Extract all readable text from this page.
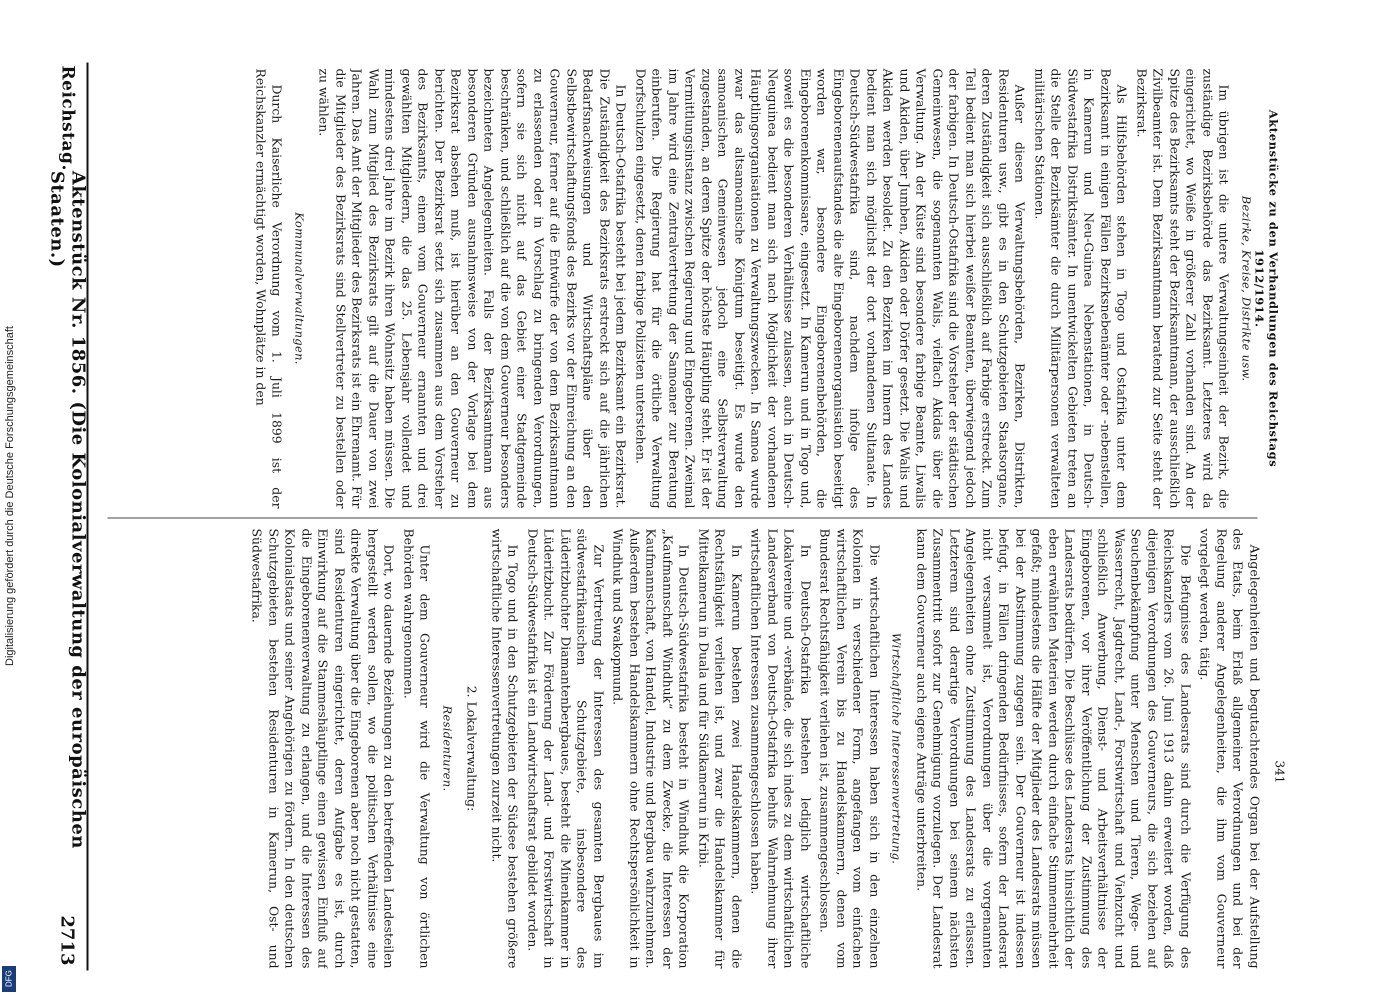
Reichstag.
Aktenstück Nr. 1856. (Die Kolonialverwaltung der europäischen Staaten.)
2713
Bezirke, Kreise, Distrikte usw.
Im übrigen ist die untere Verwaltungseinheit der Bezirk, die zuständige Bezirksbehörde das Bezirksamt. Letzteres wird da eingerichtet, wo Weiße in größerer Zahl vorhanden sind. An der Spitze des Bezirksamts steht der Bezirksamtmann, der ausschließlich Zivilbeamter ist. Dem Bezirksamtmann beratend zur Seite steht der Bezirksrat.
Als Hilfsbehörden stehen in Togo und Ostafrika unter dem Bezirksamt in einigen Fällen Bezirksnebenämter oder -nebenstellen, in Kamerun und Neu-Guinea Nebenstationen, in Deutsch-Südwestafrika Distriktsämter. In unentwickelten Gebieten treten an die Stelle der Bezirksämter die durch Militärpersonen verwalteten militärischen Stationen.
Außer diesen Verwaltungsbehörden, Bezirken, Distrikten, Residenturen usw., gibt es in den Schutzgebieten Staatsorgane, deren Zuständigkeit sich ausschließlich auf Farbige erstreckt. Zum Teil bedient man sich hierbei weißer Beamten, überwiegend jedoch der farbigen. In Deutsch-Ostafrika sind die Vorsteher der städtischen Gemeinwesen, die sogenannten Walis, vielfach Akidas über die Verwaltung. An der Küste sind besondere farbige Beamte, Liwalis und Akiden, über Jumben, Akiden oder Dörfer gesetzt. Die Walis und Akiden werden besoldet. Zu den Bezirken im Innern des Landes bedient man sich möglichst der dort vorhandenen Sultanate. In Deutsch-Südwestafrika sind, nachdem infolge des Eingeborenenaufstandes die alte Eingeborenenorganisation beseitigt worden war, besondere Eingeborenenbehörden, die Eingeborenenkommissare, eingesetzt. In Kamerun und in Togo und, soweit es die besonderen Verhältnisse zulassen, auch in Deutsch-Neuguinea bedient man sich nach Möglichkeit der vorhandenen Häuptlingsorganisationen zu Verwaltungszwecken. In Samoa wurde zwar das altsamoanische Königtum beseitigt. Es wurde den samoanischen Gemeinwesen jedoch eine Selbstverwaltung zugestanden, an deren Spitze der höchste Häuptling steht. Er ist der Vermittlungsinstanz zwischen Regierung und Eingeborenen. Zweimal im Jahre wird eine Zentralvertretung der Samoaner zur Beratung einberufen. Die Regierung hat für die örtliche Verwaltung Dorfschulzen eingesetzt, denen farbige Polizisten unterstehen.
In Deutsch-Ostafrika besteht bei jedem Bezirksamt ein Bezirksrat. Die Zuständigkeit des Bezirksrats erstreckt sich auf die jährlichen Bedarfsnachweisungen und Wirtschaftspläne über den Selbstbewirtschaftungsfonds des Bezirks vor der Einreichung an den Gouverneur, ferner auf die Entwürfe der von dem Bezirksamtmann zu erlassenden oder in Vorschlag zu bringenden Verordnungen, sofern sie sich nicht auf das Gebiet einer Stadtgemeinde beschränken, und schließlich auf die von dem Gouverneur besonders bezeichneten Angelegenheiten. Falls der Bezirksamtmann aus besonderen Gründen ausnahmsweise von der Vorlage bei dem Bezirksrat absehen muß, ist hierüber an den Gouverneur zu berichten. Der Bezirksrat setzt sich zusammen aus dem Vorsteher des Bezirksamts, einem vom Gouverneur ernannten und drei gewählten Mitgliedern, die das 25. Lebensjahr vollendet und mindestens drei Jahre im Bezirk ihren Wohnsitz haben müssen. Die Wahl zum Mitglied des Bezirksrats gilt auf die Dauer von zwei Jahren. Das Amt der Mitglieder des Bezirksrats ist ein Ehrenamt. Für die Mitglieder des Bezirksrats sind Stellvertreter zu bestellen oder zu wählen.
Kommunalverwaltungen.
Durch Kaiserliche Verordnung vom 1. Juli 1899 ist der Reichskanzler ermächtigt worden, Wohnplätze in den
Angelegenheiten und begutachtendes Organ bei der Aufstellung des Etats, beim Erlaß allgemeiner Verordnungen und bei der Regelung anderer Angelegenheiten, die ihm vom Gouverneur vorgelegt werden, tätig.
Die Befugnisse des Landesrats sind durch die Verfügung des Reichskanzlers vom 26. Juni 1913 dahin erweitert worden, daß diejenigen Verordnungen des Gouverneurs, die sich beziehen auf Seuchenbekämpfung unter Menschen und Tieren, Wege- und Wasserrecht, Jagdrecht, Land-, Forstwirtschaft und Viehzucht und schließlich Anwerbung, Dienst- und Arbeitsverhältnisse der Eingeborenen, vor ihrer Veröffentlichung der Zustimmung des Landesrats bedürfen. Die Beschlüsse des Landesrats hinsichtlich der eben erwähnten Materien werden durch einfache Stimmenmehrheit gefaßt; mindestens die Hälfte der Mitglieder des Landesrats müssen bei der Abstimmung zugegen sein. Der Gouverneur ist indessen befugt, in Fällen dringenden Bedürfnisses, sofern der Landesrat nicht versammelt ist, Verordnungen über die vorgenannten Angelegenheiten ohne Zustimmung des Landesrats zu erlassen. Letzterem sind derartige Verordnungen bei seinem nächsten Zusammentritt sofort zur Genehmigung vorzulegen. Der Landesrat kann dem Gouverneur auch eigene Anträge unterbreiten.
Wirtschaftliche Interessenvertretung.
Die wirtschaftlichen Interessen haben sich in den einzelnen Kolonien in verschiedener Form, angefangen vom einfachen wirtschaftlichen Verein bis zu Handelskammern, denen vom Bundesrat Rechtsfähigkeit verliehen ist, zusammengeschlossen.
In Deutsch-Ostafrika bestehen lediglich wirtschaftliche Lokalvereine und -verbände, die sich indes zu dem wirtschaftlichen Landesverband von Deutsch-Ostafrika behufs Wahrnehmung ihrer wirtschaftlichen Interessen zusammengeschlossen haben.
In Kamerun bestehen zwei Handelskammern, denen die Rechtsfähigkeit verliehen ist, und zwar die Handelskammer für Mittelkamerun in Duala und für Südkamerun in Kribi.
In Deutsch-Südwestafrika besteht in Windhuk die Korporation „Kaufmannschaft Windhuk“ zu dem Zwecke, die Interessen der Kaufmannschaft, von Handel, Industrie und Bergbau wahrzunehmen. Außerdem bestehen Handelskammern ohne Rechtspersönlichkeit in Windhuk und Swakopmund.
Zur Vertretung der Interessen des gesamten Bergbaues im südwestafrikanischen Schutzgebiete, insbesondere des Lüderitzbuchter Diamantenbergbaues, besteht die Minenkammer in Lüderitzbucht. Zur Förderung der Land- und Forstwirtschaft in Deutsch-Südwestafrika ist ein Landwirtschaftsrat gebildet worden.
In Togo und in den Schutzgebieten der Südsee bestehen größere wirtschaftliche Interessenvertretungen zurzeit nicht.
2. Lokalverwaltung:
Residenturen.
Unter dem Gouverneur wird die Verwaltung von örtlichen Behörden wahrgenommen.
Dort, wo dauernde Beziehungen zu den betreffenden Landesteilen hergestellt werden sollen, wo die politischen Verhältnisse eine direkte Verwaltung über die Eingeborenen aber noch nicht gestatten, sind Residenturen eingerichtet, deren Aufgabe es ist, durch Einwirkung auf die Stammeshäuptlinge einen gewissen Einfluß auf die Eingeborenenverwaltung zu erlangen, und die Interessen des Kolonialstaats und seiner Angehörigen zu fördern. In den deutschen Schutzgebieten bestehen Residenturen in Kamerun, Ost- und Südwestafrika.
Aktenstücke zu den Verhandlungen des Reichstags 1912/1914.
341
Digitalisierung gefördert durch die Deutsche Forschungsgemeinschaft
DFG
